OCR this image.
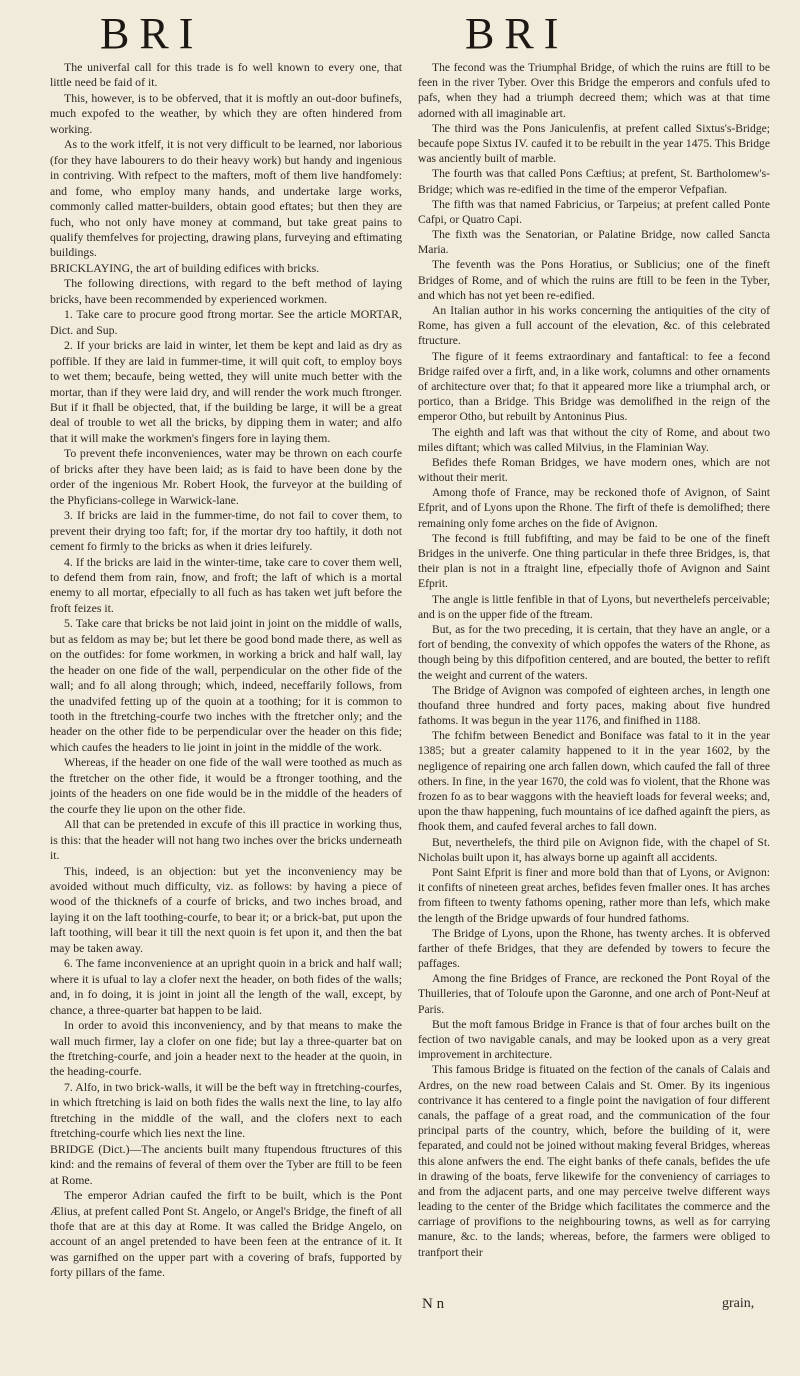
BRI	BRI

The univerfal call for this trade is fo well known to every one, that little need be faid of it.

This, however, is to be obferved, that it is moftly an out-door bufinefs, much expofed to the weather, by which they are often hindered from working.

As to the work itfelf, it is not very difficult to be learned, nor laborious (for they have labourers to do their heavy work) but handy and ingenious in contriving. With refpect to the mafters, moft of them live handfomely: and fome, who employ many hands, and undertake large works, commonly called matter-builders, obtain good eftates; but then they are fuch, who not only have money at command, but take great pains to qualify themfelves for projecting, drawing plans, furveying and eftimating buildings.

BRICKLAYING, the art of building edifices with bricks.

The following directions, with regard to the beft method of laying bricks, have been recommended by experienced workmen.

1. Take care to procure good ftrong mortar. See the article MORTAR, Dict. and Sup.

2. If your bricks are laid in winter, let them be kept and laid as dry as poffible. If they are laid in fummer-time, it will quit coft, to employ boys to wet them; becaufe, being wetted, they will unite much better with the mortar, than if they were laid dry, and will render the work much ftronger. But if it fhall be objected, that, if the building be large, it will be a great deal of trouble to wet all the bricks, by dipping them in water; and alfo that it will make the workmen's fingers fore in laying them.

To prevent thefe inconveniences, water may be thrown on each courfe of bricks after they have been laid; as is faid to have been done by the order of the ingenious Mr. Robert Hook, the furveyor at the building of the Phyficians-college in Warwick-lane.

3. If bricks are laid in the fummer-time, do not fail to cover them, to prevent their drying too faft; for, if the mortar dry too haftily, it doth not cement fo firmly to the bricks as when it dries leifurely.

4. If the bricks are laid in the winter-time, take care to cover them well, to defend them from rain, fnow, and froft; the laft of which is a mortal enemy to all mortar, efpecially to all fuch as has taken wet juft before the froft feizes it.

5. Take care that bricks be not laid joint in joint on the middle of walls, but as feldom as may be; but let there be good bond made there, as well as on the outfides: for fome workmen, in working a brick and half wall, lay the header on one fide of the wall, perpendicular on the other fide of the wall; and fo all along through; which, indeed, neceffarily follows, from the unadvifed fetting up of the quoin at a toothing; for it is common to tooth in the ftretching-courfe two inches with the ftretcher only; and the header on the other fide to be perpendicular over the header on this fide; which caufes the headers to lie joint in joint in the middle of the work.

Whereas, if the header on one fide of the wall were toothed as much as the ftretcher on the other fide, it would be a ftronger toothing, and the joints of the headers on one fide would be in the middle of the headers of the courfe they lie upon on the other fide.

All that can be pretended in excufe of this ill practice in working thus, is this: that the header will not hang two inches over the bricks underneath it.

This, indeed, is an objection: but yet the inconveniency may be avoided without much difficulty, viz. as follows: by having a piece of wood of the thicknefs of a courfe of bricks, and two inches broad, and laying it on the laft toothing-courfe, to bear it; or a brick-bat, put upon the laft toothing, will bear it till the next quoin is fet upon it, and then the bat may be taken away.

6. The fame inconvenience at an upright quoin in a brick and half wall; where it is ufual to lay a clofer next the header, on both fides of the walls; and, in fo doing, it is joint in joint all the length of the wall, except, by chance, a three-quarter bat happen to be laid.

In order to avoid this inconveniency, and by that means to make the wall much firmer, lay a clofer on one fide; but lay a three-quarter bat on the ftretching-courfe, and join a header next to the header at the quoin, in the heading-courfe.

7. Alfo, in two brick-walls, it will be the beft way in ftretching-courfes, in which ftretching is laid on both fides the walls next the line, to lay alfo ftretching in the middle of the wall, and the clofers next to each ftretching-courfe which lies next the line.

BRIDGE (Dict.)—The ancients built many ftupendous ftructures of this kind: and the remains of feveral of them over the Tyber are ftill to be feen at Rome.

The emperor Adrian caufed the firft to be built, which is the Pont Ælius, at prefent called Pont St. Angelo, or Angel's Bridge, the fineft of all thofe that are at this day at Rome. It was called the Bridge Angelo, on account of an angel pretended to have been feen at the entrance of it. It was garnifhed on the upper part with a covering of brafs, fupported by forty pillars of the fame.

The fecond was the Triumphal Bridge, of which the ruins are ftill to be feen in the river Tyber. Over this Bridge the emperors and confuls ufed to pafs, when they had a triumph decreed them; which was at that time adorned with all imaginable art.

The third was the Pons Janiculenfis, at prefent called Sixtus's-Bridge; becaufe pope Sixtus IV. caufed it to be rebuilt in the year 1475. This Bridge was anciently built of marble.

The fourth was that called Pons Cæftius; at prefent, St. Bartholomew's-Bridge; which was re-edified in the time of the emperor Vefpafian.

The fifth was that named Fabricius, or Tarpeius; at prefent called Ponte Cafpi, or Quatro Capi.

The fixth was the Senatorian, or Palatine Bridge, now called Sancta Maria.

The feventh was the Pons Horatius, or Sublicius; one of the fineft Bridges of Rome, and of which the ruins are ftill to be feen in the Tyber, and which has not yet been re-edified.

An Italian author in his works concerning the antiquities of the city of Rome, has given a full account of the elevation, &c. of this celebrated ftructure.

The figure of it feems extraordinary and fantaftical: to fee a fecond Bridge raifed over a firft, and, in a like work, columns and other ornaments of architecture over that; fo that it appeared more like a triumphal arch, or portico, than a Bridge. This Bridge was demolifhed in the reign of the emperor Otho, but rebuilt by Antoninus Pius.

The eighth and laft was that without the city of Rome, and about two miles diftant; which was called Milvius, in the Flaminian Way.

Befides thefe Roman Bridges, we have modern ones, which are not without their merit.

Among thofe of France, may be reckoned thofe of Avignon, of Saint Efprit, and of Lyons upon the Rhone. The firft of thefe is demolifhed; there remaining only fome arches on the fide of Avignon.

The fecond is ftill fubfifting, and may be faid to be one of the fineft Bridges in the univerfe. One thing particular in thefe three Bridges, is, that their plan is not in a ftraight line, efpecially thofe of Avignon and Saint Efprit.

The angle is little fenfible in that of Lyons, but neverthelefs perceivable; and is on the upper fide of the ftream.

But, as for the two preceding, it is certain, that they have an angle, or a fort of bending, the convexity of which oppofes the waters of the Rhone, as though being by this difpofition centered, and are bouted, the better to refift the weight and current of the waters.

The Bridge of Avignon was compofed of eighteen arches, in length one thoufand three hundred and forty paces, making about five hundred fathoms. It was begun in the year 1176, and finifhed in 1188.

The fchifm between Benedict and Boniface was fatal to it in the year 1385; but a greater calamity happened to it in the year 1602, by the negligence of repairing one arch fallen down, which caufed the fall of three others. In fine, in the year 1670, the cold was fo violent, that the Rhone was frozen fo as to bear waggons with the heavieft loads for feveral weeks; and, upon the thaw happening, fuch mountains of ice dafhed againft the piers, as fhook them, and caufed feveral arches to fall down.

But, neverthelefs, the third pile on Avignon fide, with the chapel of St. Nicholas built upon it, has always borne up againft all accidents.

Pont Saint Efprit is finer and more bold than that of Lyons, or Avignon: it confifts of nineteen great arches, befides feven fmaller ones. It has arches from fifteen to twenty fathoms opening, rather more than lefs, which make the length of the Bridge upwards of four hundred fathoms.

The Bridge of Lyons, upon the Rhone, has twenty arches. It is obferved farther of thefe Bridges, that they are defended by towers to fecure the paffages.

Among the fine Bridges of France, are reckoned the Pont Royal of the Thuilleries, that of Toloufe upon the Garonne, and one arch of Pont-Neuf at Paris.

But the moft famous Bridge in France is that of four arches built on the fection of two navigable canals, and may be looked upon as a very great improvement in architecture.

This famous Bridge is fituated on the fection of the canals of Calais and Ardres, on the new road between Calais and St. Omer. By its ingenious contrivance it has centered to a fingle point the navigation of four different canals, the paffage of a great road, and the communication of the four principal parts of the country, which, before the building of it, were feparated, and could not be joined without making feveral Bridges, whereas this alone anfwers the end. The eight banks of thefe canals, befides the ufe in drawing of the boats, ferve likewife for the conveniency of carriages to and from the adjacent parts, and one may perceive twelve different ways leading to the center of the Bridge which facilitates the commerce and the carriage of provifions to the neighbouring towns, as well as for carrying manure, &c. to the lands; whereas, before, the farmers were obliged to tranfport their

N n	grain,
